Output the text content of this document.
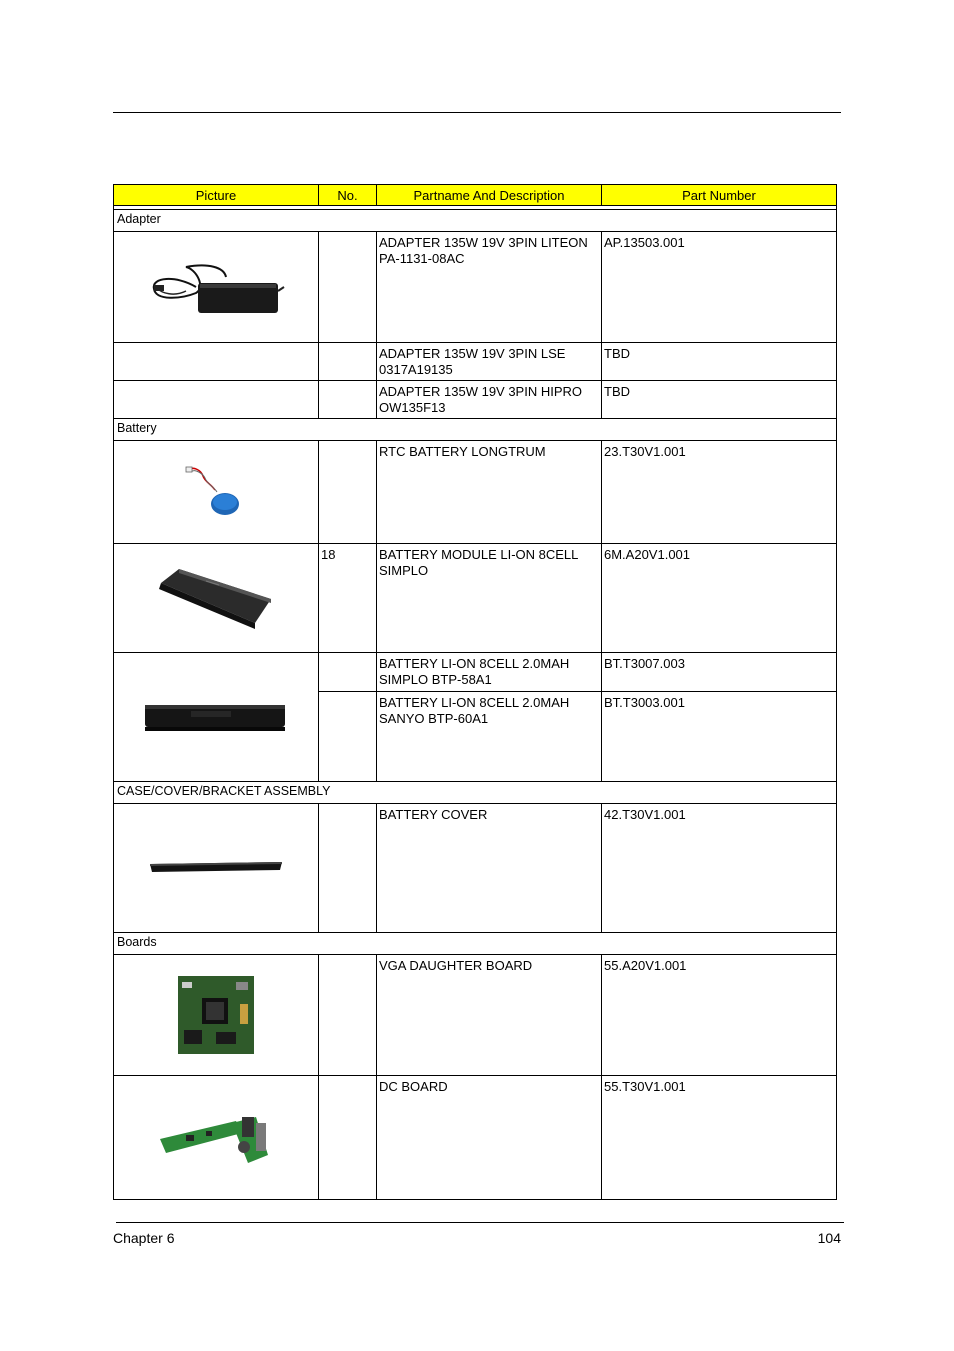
Picture	No.	Partname And Description	Part Number

Adapter			

		ADAPTER 135W 19V 3PIN LITEON PA-1131-08AC	AP.13503.001
		ADAPTER 135W 19V 3PIN LSE 0317A19135	TBD
		ADAPTER 135W 19V 3PIN HIPRO OW135F13	TBD
Battery			

		RTC BATTERY LONGTRUM	23.T30V1.001

	18	BATTERY MODULE LI-ON 8CELL SIMPLO	6M.A20V1.001

		BATTERY LI-ON 8CELL 2.0MAH SIMPLO BTP-58A1	BT.T3007.003
		BATTERY LI-ON 8CELL 2.0MAH SANYO BTP-60A1	BT.T3003.001
CASE/COVER/BRACKET ASSEMBLY			

		BATTERY COVER	42.T30V1.001
Boards			

		VGA DAUGHTER BOARD	55.A20V1.001

		DC BOARD	55.T30V1.001
Chapter 6	104
